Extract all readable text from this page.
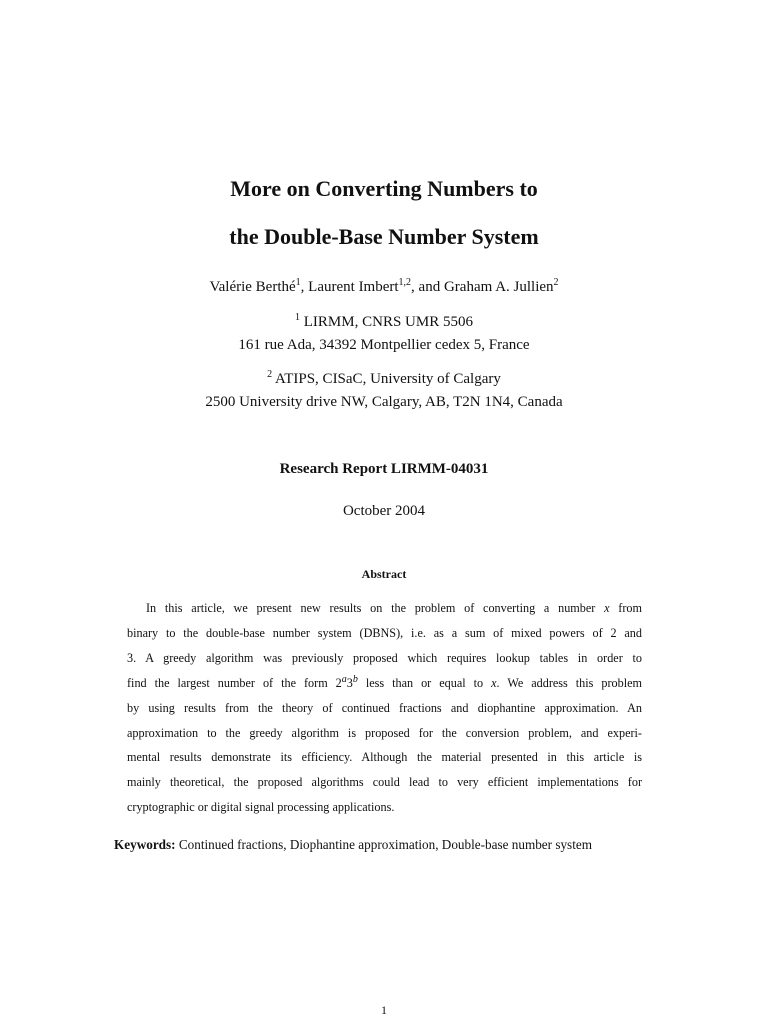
More on Converting Numbers to
the Double-Base Number System
Valérie Berthé$^1$, Laurent Imbert$^{1,2}$, and Graham A. Jullien$^2$
$^1$ LIRMM, CNRS UMR 5506
161 rue Ada, 34392 Montpellier cedex 5, France
$^2$ ATIPS, CISaC, University of Calgary
2500 University drive NW, Calgary, AB, T2N 1N4, Canada
Research Report LIRMM-04031
October 2004
Abstract
In this article, we present new results on the problem of converting a number x from
binary to the double-base number system (DBNS), i.e. as a sum of mixed powers of 2 and
3. A greedy algorithm was previously proposed which requires lookup tables in order to
find the largest number of the form 2$^a$3$^b$ less than or equal to x. We address this problem
by using results from the theory of continued fractions and diophantine approximation. An
approximation to the greedy algorithm is proposed for the conversion problem, and experi-
mental results demonstrate its efficiency. Although the material presented in this article is
mainly theoretical, the proposed algorithms could lead to very efficient implementations for
cryptographic or digital signal processing applications.
Keywords: Continued fractions, Diophantine approximation, Double-base number system
1
